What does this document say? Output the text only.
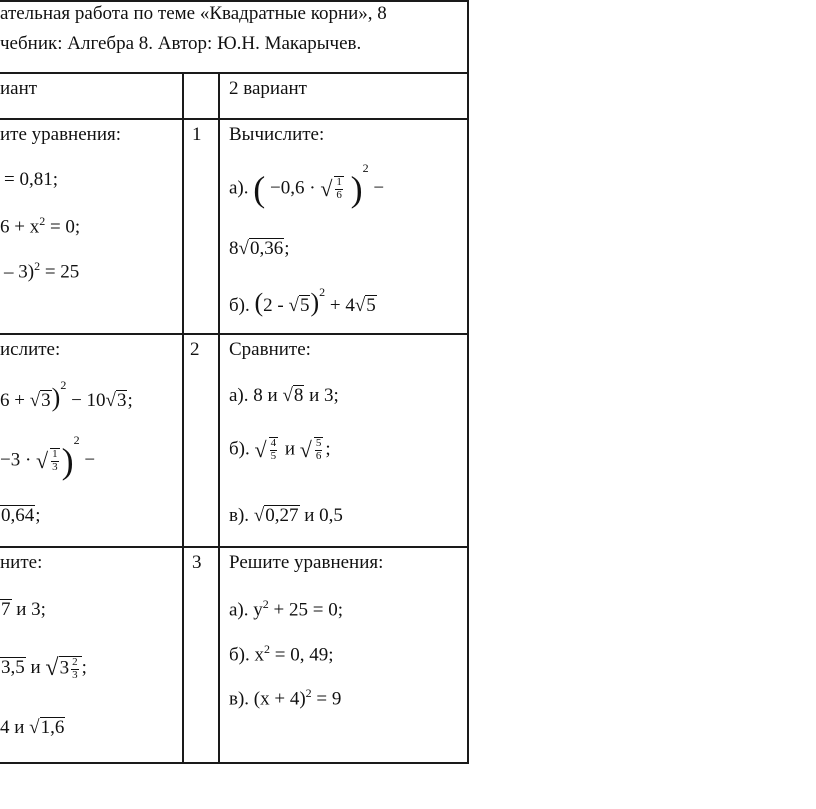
ательная работа по теме «Квадратные корни», 8
чебник: Алгебра 8. Автор: Ю.Н. Макарычев.
иант	2 вариант
1
ите уравнения:
= 0,81;
$6 + x^2 = 0$;
– 3)$^2$ = 25
Вычислите:
а). ( −0,6 · √ $\frac{1}{6} )^2$ −
8√0,36;
б). (2 - √5)$^2$ + 4√5
2
ислите:
6 + √3)$^2$ − 10√3;
−3 · √ $\frac{1}{3} )^2$ −
0,64;
Сравните:
а). 8 и √8 и 3;
б). √ $\frac{4}{5}$ и √ $\frac{5}{6}$ ;
в). √0,27 и 0,5
3
ните:
7 и 3;
3,5 и $√3 \frac{2}{3}$ ;
4 и √1,6
Решите уравнения:
а). $y^2 + 25 = 0$;
б). $x^2 = 0$, 49;
в). $(x + 4)^2 = 9$
